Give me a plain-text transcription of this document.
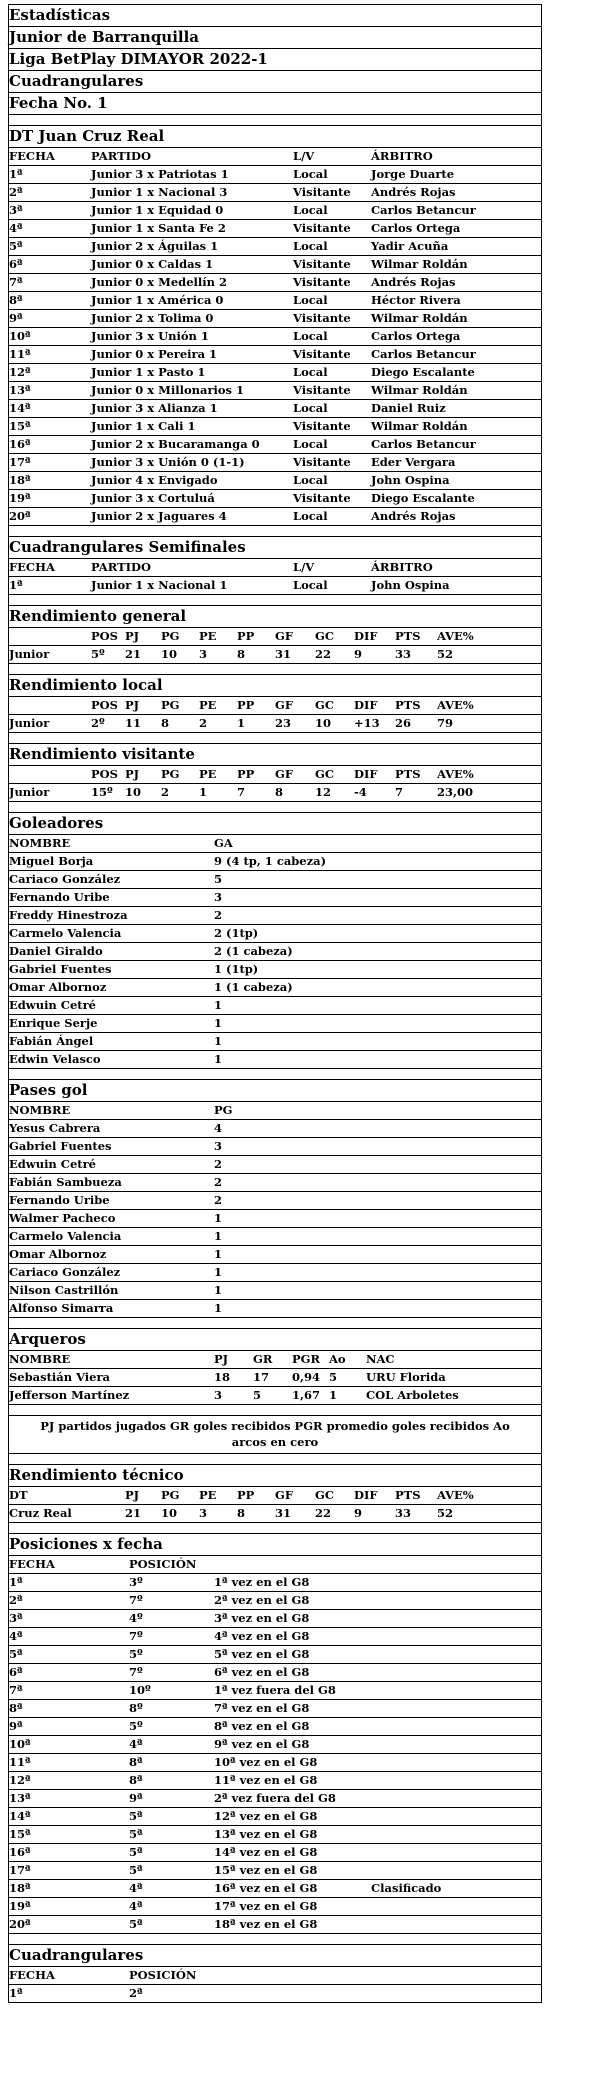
Estadísticas
Junior de Barranquilla
Liga BetPlay DIMAYOR 2022-1
Cuadrangulares
Fecha No. 1
DT Juan Cruz Real
FECHA	PARTIDO	L/V	ÁRBITRO
1ª	Junior 3 x Patriotas 1	Local	Jorge Duarte
2ª	Junior 1 x Nacional 3	Visitante Andrés Rojas
3ª	Junior 1 x Equidad 0	Local	Carlos Betancur
4ª	Junior 1 x Santa Fe 2	Visitante Carlos Ortega
5ª	Junior 2 x Águilas 1	Local	Yadir Acuña
6ª	Junior 0 x Caldas 1	Visitante Wilmar Roldán
7ª	Junior 0 x Medellín 2	Visitante Andrés Rojas
8ª	Junior 1 x América 0	Local	Héctor Rivera
9ª	Junior 2 x Tolima 0	Visitante Wilmar Roldán
10ª	Junior 3 x Unión 1	Local	Carlos Ortega
11ª	Junior 0 x Pereira 1	Visitante Carlos Betancur
12ª	Junior 1 x Pasto 1	Local	Diego Escalante
13ª	Junior 0 x Millonarios 1	Visitante Wilmar Roldán
14ª	Junior 3 x Alianza 1	Local	Daniel Ruiz
15ª	Junior 1 x Cali 1	Visitante Wilmar Roldán
16ª	Junior 2 x Bucaramanga 0	Local	Carlos Betancur
17ª	Junior 3 x Unión 0 (1-1)	Visitante Eder Vergara
18ª	Junior 4 x Envigado	Local	John Ospina
19ª	Junior 3 x Cortuluá	Visitante Diego Escalante
20ª	Junior 2 x Jaguares 4	Local	Andrés Rojas
Cuadrangulares Semifinales
FECHA	PARTIDO	L/V	ÁRBITRO
1ª	Junior 1 x Nacional 1	Local	John Ospina
Rendimiento general
POS PJ PG PE PP GF GC DIF PTS AVE%
Junior	5º 21 10 3	8	31 22 9	33 52
Rendimiento local
POS PJ PG PE PP GF GC DIF PTS AVE%
Junior	2º 11 8	2	1	23 10 +13 26 79
Rendimiento visitante
POS PJ PG PE PP GF GC DIF PTS AVE%
Junior	15º 10 2	1	7	8	12 -4 7	23,00
Goleadores
NOMBRE	GA
Miguel Borja	9 (4 tp, 1 cabeza)
Cariaco González	5
Fernando Uribe	3
Freddy Hinestroza	2
Carmelo Valencia	2 (1tp)
Daniel Giraldo	2 (1 cabeza)
Gabriel Fuentes	1 (1tp)
Omar Albornoz	1 (1 cabeza)
Edwuin Cetré	1
Enrique Serje	1
Fabián Ángel	1
Edwin Velasco	1
Pases gol
NOMBRE	PG
Yesus Cabrera	4
Gabriel Fuentes	3
Edwuin Cetré	2
Fabián Sambueza	2
Fernando Uribe	2
Walmer Pacheco	1
Carmelo Valencia	1
Omar Albornoz	1
Cariaco González	1
Nilson Castrillón	1
Alfonso Simarra	1
Arqueros
NOMBRE	PJ GR PGR Ao NAC
Sebastián Viera	18 17 0,94 5	URU Florida
Jefferson Martínez	3	5	1,67 1	COL Arboletes
PJ partidos jugados GR goles recibidos PGR promedio goles recibidos Ao arcos en cero
Rendimiento técnico
DT	PJ PG PE PP GF GC DIF PTS AVE%
Cruz Real	21 10 3	8	31 22 9	33 52
Posiciones x fecha
FECHA	POSICIÓN
1ª	3º	1ª vez en el G8
2ª	7º	2ª vez en el G8
3ª	4º	3ª vez en el G8
4ª	7º	4ª vez en el G8
5ª	5º	5ª vez en el G8
6ª	7º	6ª vez en el G8
7ª	10º	1ª vez fuera del G8
8ª	8º	7ª vez en el G8
9ª	5º	8ª vez en el G8
10ª	4ª	9ª vez en el G8
11ª	8ª	10ª vez en el G8
12ª	8ª	11ª vez en el G8
13ª	9ª	2ª vez fuera del G8
14ª	5ª	12ª vez en el G8
15ª	5ª	13ª vez en el G8
16ª	5ª	14ª vez en el G8
17ª	5ª	15ª vez en el G8
18ª	4ª	16ª vez en el G8	Clasificado
19ª	4ª	17ª vez en el G8
20ª	5ª	18ª vez en el G8
Cuadrangulares
FECHA	POSICIÓN
1ª	2ª
